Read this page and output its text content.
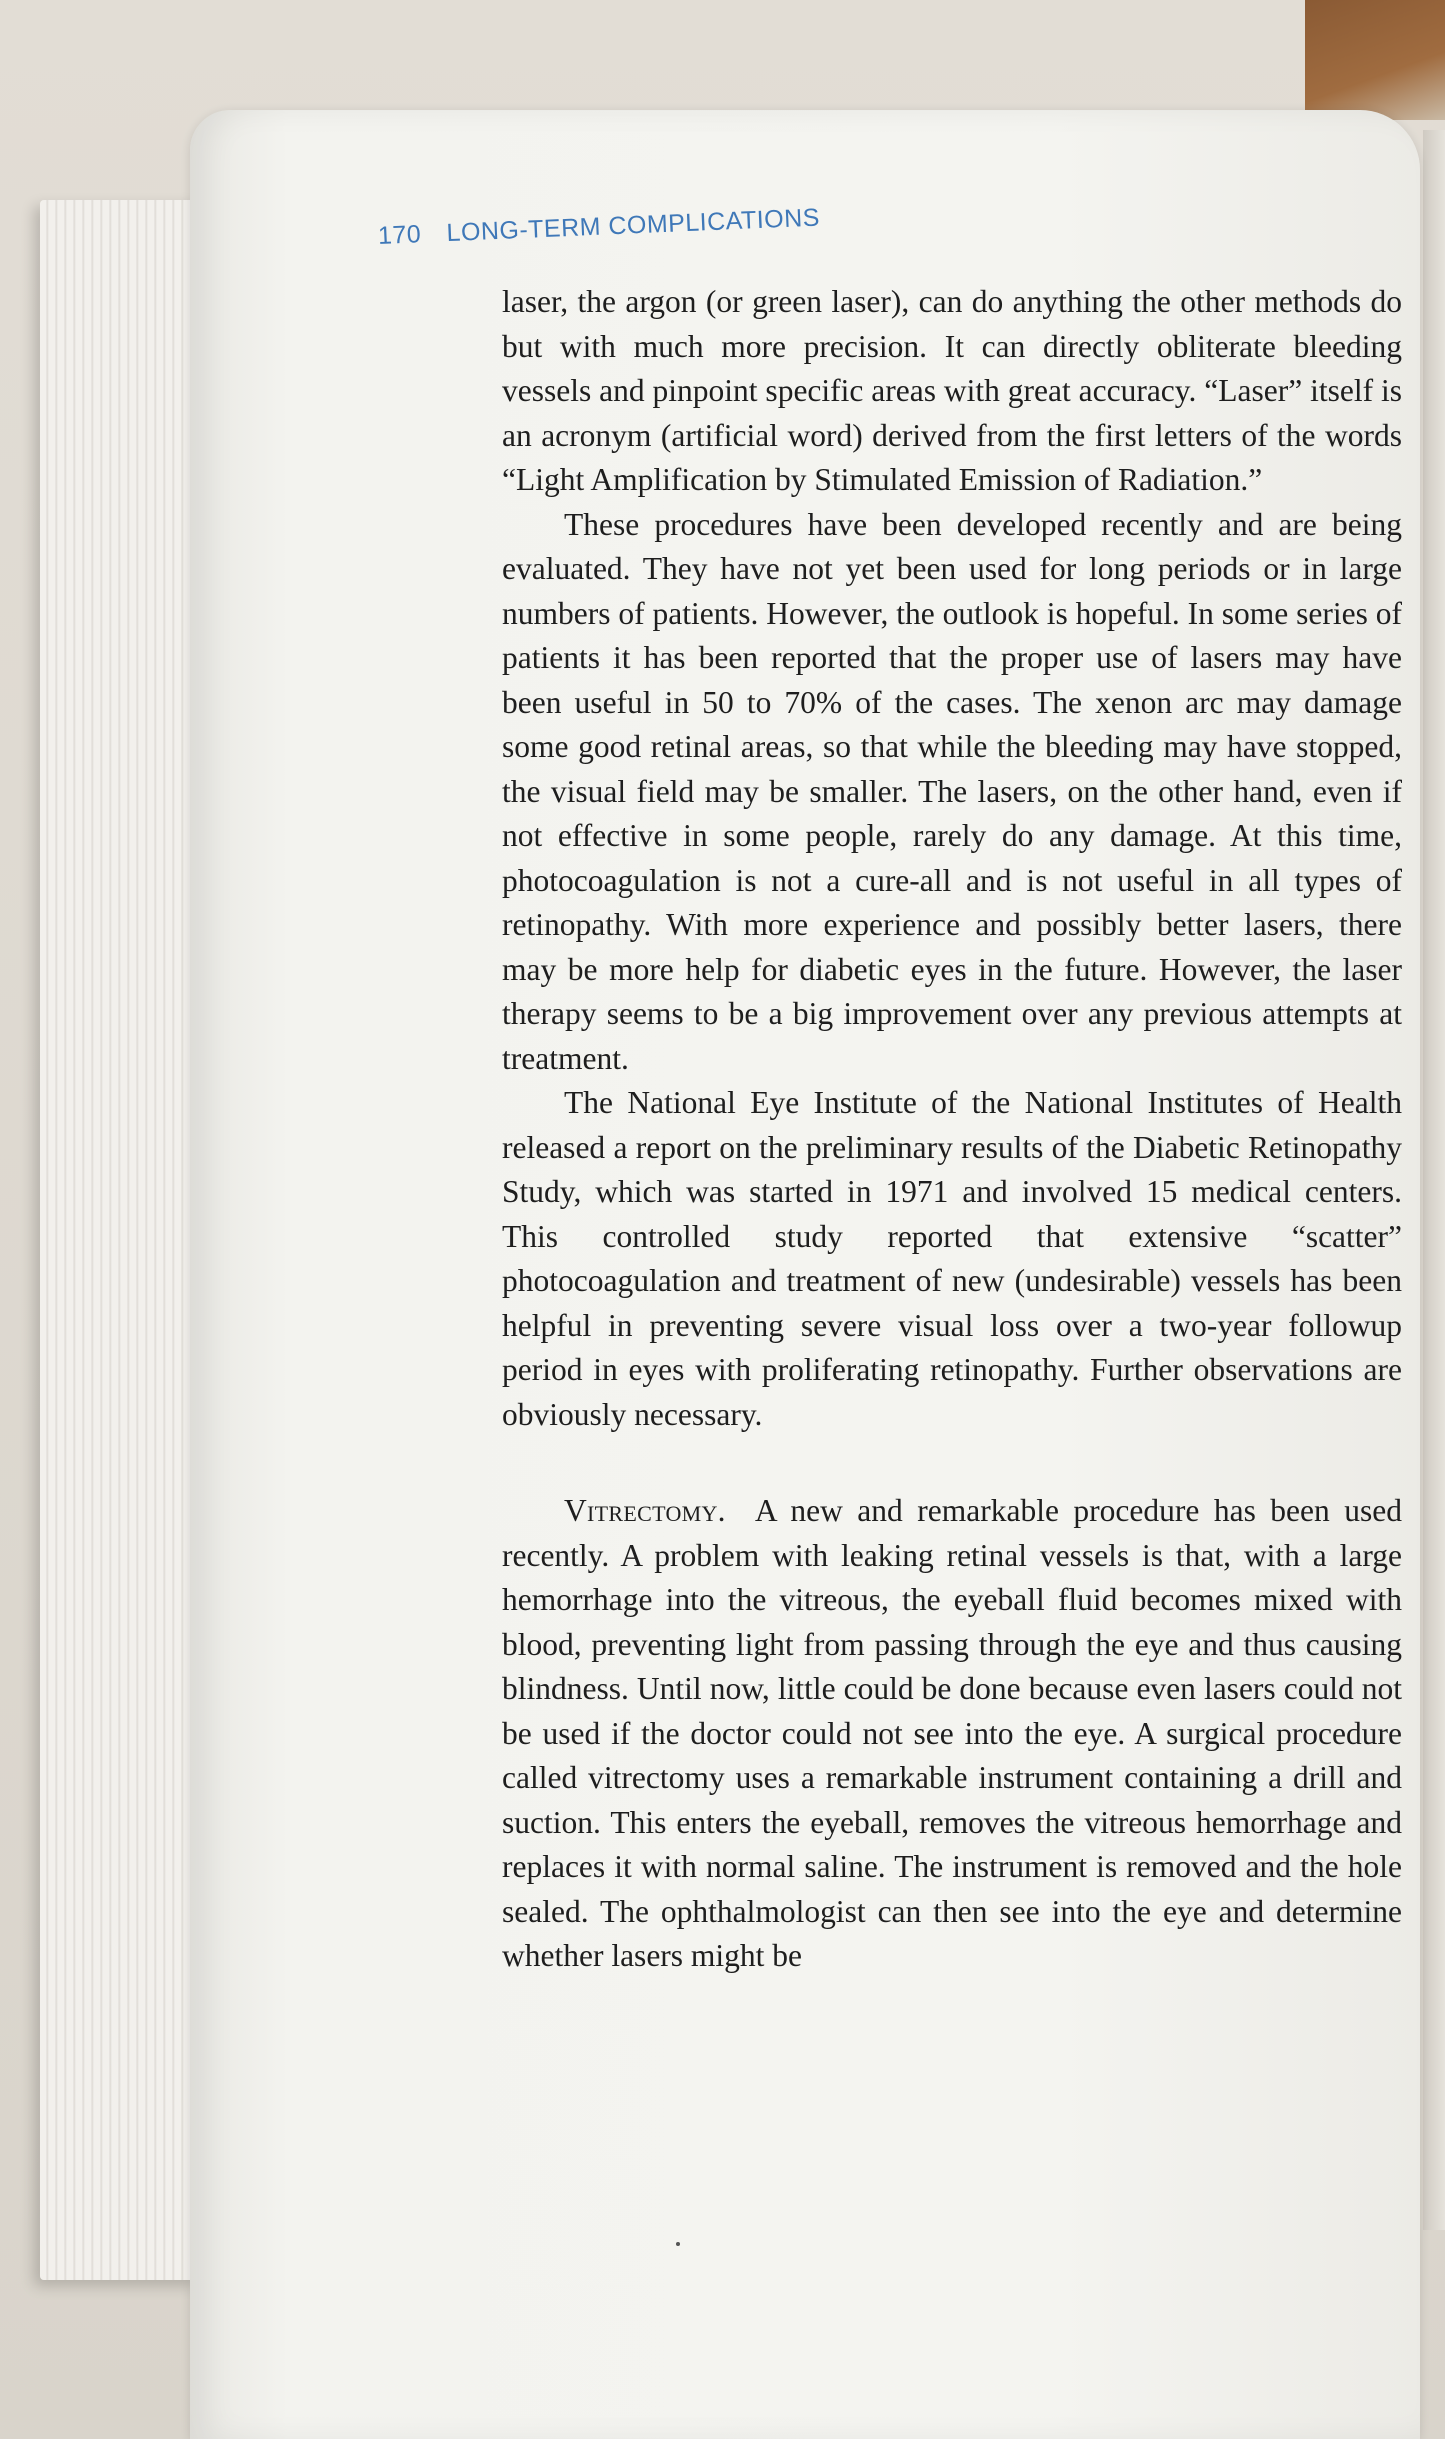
170 LONG-TERM COMPLICATIONS

laser, the argon (or green laser), can do anything the other methods do but with much more precision. It can directly obliterate bleeding vessels and pinpoint specific areas with great accuracy. “Laser” itself is an acronym (artificial word) derived from the first letters of the words “Light Amplification by Stimulated Emission of Radiation.”

These procedures have been developed recently and are being evaluated. They have not yet been used for long periods or in large numbers of patients. However, the outlook is hopeful. In some series of patients it has been reported that the proper use of lasers may have been useful in 50 to 70% of the cases. The xenon arc may damage some good retinal areas, so that while the bleeding may have stopped, the visual field may be smaller. The lasers, on the other hand, even if not effective in some people, rarely do any damage. At this time, photocoagulation is not a cure-all and is not useful in all types of retinopathy. With more experience and possibly better lasers, there may be more help for diabetic eyes in the future. However, the laser therapy seems to be a big improvement over any previous attempts at treatment.

The National Eye Institute of the National Institutes of Health released a report on the preliminary results of the Diabetic Retinopathy Study, which was started in 1971 and involved 15 medical centers. This controlled study reported that extensive “scatter” photocoagulation and treatment of new (undesirable) vessels has been helpful in preventing severe visual loss over a two-year followup period in eyes with proliferating retinopathy. Further observations are obviously necessary.

Vitrectomy. A new and remarkable procedure has been used recently. A problem with leaking retinal vessels is that, with a large hemorrhage into the vitreous, the eyeball fluid becomes mixed with blood, preventing light from passing through the eye and thus causing blindness. Until now, little could be done because even lasers could not be used if the doctor could not see into the eye. A surgical procedure called vitrectomy uses a remarkable instrument containing a drill and suction. This enters the eyeball, removes the vitreous hemorrhage and replaces it with normal saline. The instrument is removed and the hole sealed. The ophthalmologist can then see into the eye and determine whether lasers might be
